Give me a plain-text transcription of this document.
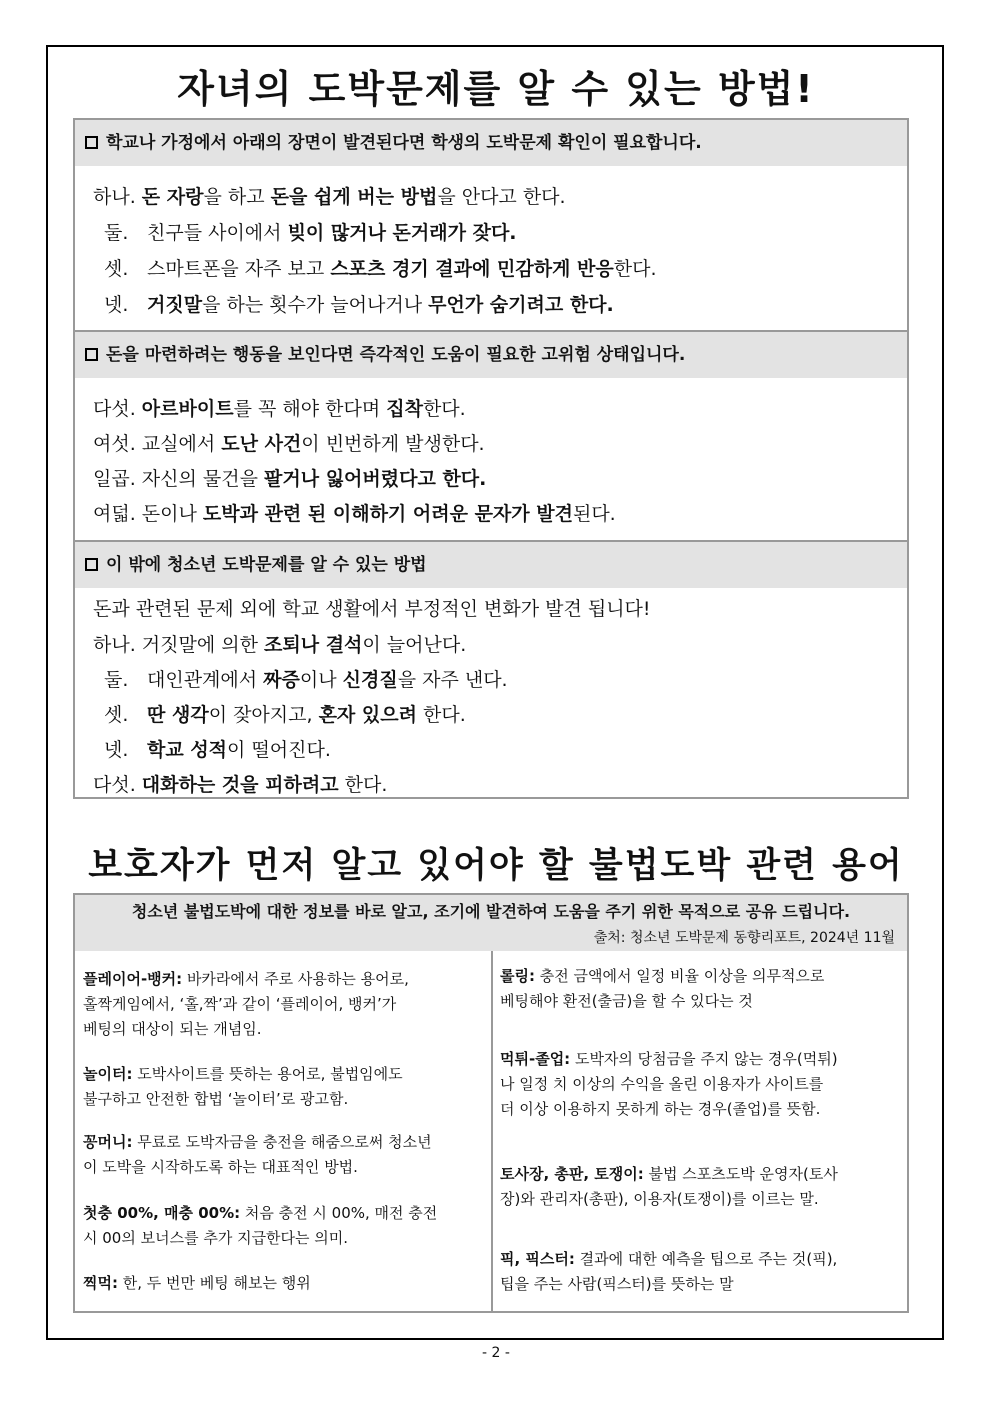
자녀의 도박문제를 알 수 있는 방법!
학교나 가정에서 아래의 장면이 발견된다면 학생의 도박문제 확인이 필요합니다.
하나. 돈 자랑을 하고 돈을 쉽게 버는 방법을 안다고 한다.
둘. 친구들 사이에서 빚이 많거나 돈거래가 잦다.
셋. 스마트폰을 자주 보고 스포츠 경기 결과에 민감하게 반응한다.
넷. 거짓말을 하는 횟수가 늘어나거나 무언가 숨기려고 한다.
돈을 마련하려는 행동을 보인다면 즉각적인 도움이 필요한 고위험 상태입니다.
다섯. 아르바이트를 꼭 해야 한다며 집착한다.
여섯. 교실에서 도난 사건이 빈번하게 발생한다.
일곱. 자신의 물건을 팔거나 잃어버렸다고 한다.
여덟. 돈이나 도박과 관련 된 이해하기 어려운 문자가 발견된다.
이 밖에 청소년 도박문제를 알 수 있는 방법
돈과 관련된 문제 외에 학교 생활에서 부정적인 변화가 발견 됩니다!
하나. 거짓말에 의한 조퇴나 결석이 늘어난다.
둘. 대인관계에서 짜증이나 신경질을 자주 낸다.
셋. 딴 생각이 잦아지고, 혼자 있으려 한다.
넷. 학교 성적이 떨어진다.
다섯. 대화하는 것을 피하려고 한다.
보호자가 먼저 알고 있어야 할 불법도박 관련 용어
청소년 불법도박에 대한 정보를 바로 알고, 조기에 발견하여 도움을 주기 위한 목적으로 공유 드립니다.
출처: 청소년 도박문제 동향리포트, 2024년 11월
플레이어-뱅커: 바카라에서 주로 사용하는 용어로,
홀짝게임에서, ‘홀,짝’과 같이 ‘플레이어, 뱅커’가
베팅의 대상이 되는 개념임.
놀이터: 도박사이트를 뜻하는 용어로, 불법임에도
불구하고 안전한 합법 ‘놀이터’로 광고함.
꽁머니: 무료로 도박자금을 충전을 해줌으로써 청소년
이 도박을 시작하도록 하는 대표적인 방법.
첫충 00%, 매충 00%: 처음 충전 시 00%, 매전 충전
시 00의 보너스를 추가 지급한다는 의미.
찍먹: 한, 두 번만 베팅 해보는 행위
롤링: 충전 금액에서 일정 비율 이상을 의무적으로
베팅해야 환전(출금)을 할 수 있다는 것
먹튀-졸업: 도박자의 당첨금을 주지 않는 경우(먹튀)
나 일정 치 이상의 수익을 올린 이용자가 사이트를
더 이상 이용하지 못하게 하는 경우(졸업)를 뜻함.
토사장, 총판, 토쟁이: 불법 스포츠도박 운영자(토사
장)와 관리자(총판), 이용자(토쟁이)를 이르는 말.
픽, 픽스터: 결과에 대한 예측을 팁으로 주는 것(픽),
팁을 주는 사람(픽스터)를 뜻하는 말
- 2 -
